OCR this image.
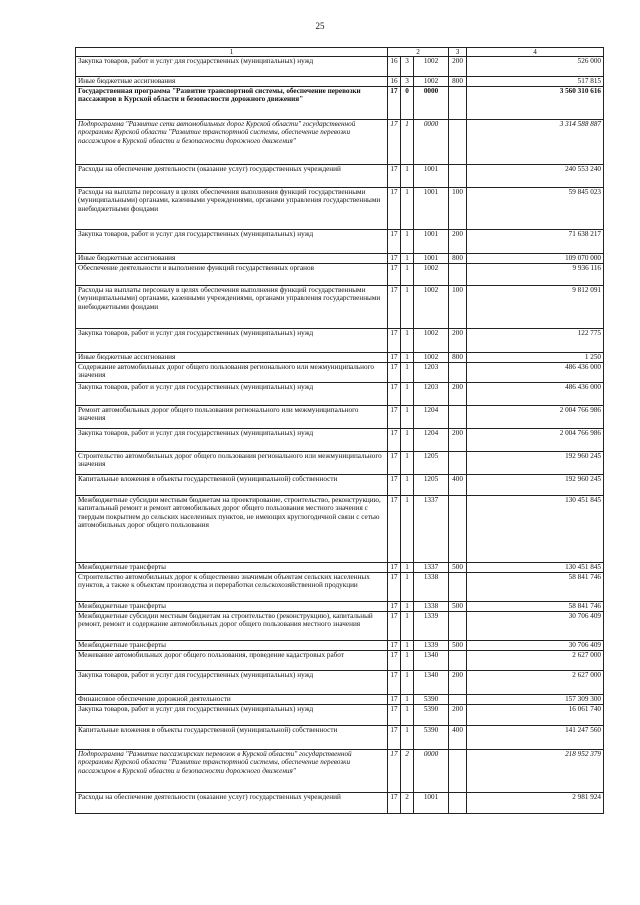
25
1	2			3	4
Закупка товаров, работ и услуг для государственных (муниципальных) нужд	16	3	1002	200	526 000
Иные бюджетные ассигнования	16	3	1002	800	517 815
Государственная программа "Развитие транспортной системы, обеспечение перевозки пассажиров в Курской области и безопасности дорожного движения"	17	0	0000		3 560 310 616
Подпрограмма "Развитие сети автомобильных дорог Курской области" государственной программы Курской области "Развитие транспортной системы, обеспечение перевозки пассажиров в Курской области и безопасности дорожного движения"	17	1	0000		3 314 588 887
Расходы на обеспечение деятельности (оказание услуг) государственных учреждений	17	1	1001		240 553 240
Расходы на выплаты персоналу в целях обеспечения выполнения функций государственными (муниципальными) органами, казенными учреждениями, органами управления государственными внебюджетными фондами	17	1	1001	100	59 845 023
Закупка товаров, работ и услуг для государственных (муниципальных) нужд	17	1	1001	200	71 638 217
Иные бюджетные ассигнования	17	1	1001	800	109 070 000
Обеспечение деятельности и выполнение функций государственных органов	17	1	1002		9 936 116
Расходы на выплаты персоналу в целях обеспечения выполнения функций государственными (муниципальными) органами, казенными учреждениями, органами управления государственными внебюджетными фондами	17	1	1002	100	9 812 091
Закупка товаров, работ и услуг для государственных (муниципальных) нужд	17	1	1002	200	122 775
Иные бюджетные ассигнования	17	1	1002	800	1 250
Содержание автомобильных дорог общего пользования регионального или межмуниципального значения	17	1	1203		486 436 000
Закупка товаров, работ и услуг для государственных (муниципальных) нужд	17	1	1203	200	486 436 000
Ремонт автомобильных дорог общего пользования регионального или межмуниципального значения	17	1	1204		2 004 766 986
Закупка товаров, работ и услуг для государственных (муниципальных) нужд	17	1	1204	200	2 004 766 986
Строительство автомобильных дорог общего пользования регионального или межмуниципального значения	17	1	1205		192 960 245
Капитальные вложения в объекты государственной (муниципальной) собственности	17	1	1205	400	192 960 245
Межбюджетные субсидии местным бюджетам на проектирование, строительство, реконструкцию, капитальный ремонт и ремонт автомобильных дорог общего пользования местного значения с твердым покрытием до сельских населенных пунктов, не имеющих круглогодичной связи с сетью автомобильных дорог общего пользования	17	1	1337		130 451 845
Межбюджетные трансферты	17	1	1337	500	130 451 845
Строительство автомобильных дорог к общественно значимым объектам сельских населенных пунктов, а также к объектам производства и переработки сельскохозяйственной продукции	17	1	1338		58 841 746
Межбюджетные трансферты	17	1	1338	500	58 841 746
Межбюджетные субсидии местным бюджетам на строительство (реконструкцию), капитальный ремонт, ремонт и содержание автомобильных дорог общего пользования местного значения	17	1	1339		30 706 409
Межбюджетные трансферты	17	1	1339	500	30 706 409
Межевание автомобильных дорог общего пользования, проведение кадастровых работ	17	1	1340		2 627 000
Закупка товаров, работ и услуг для государственных (муниципальных) нужд	17	1	1340	200	2 627 000
Финансовое обеспечение дорожной деятельности	17	1	5390		157 309 300
Закупка товаров, работ и услуг для государственных (муниципальных) нужд	17	1	5390	200	16 061 740
Капитальные вложения в объекты государственной (муниципальной) собственности	17	1	5390	400	141 247 560
Подпрограмма "Развитие пассажирских перевозок в Курской области" государственной программы Курской области "Развитие транспортной системы, обеспечение перевозки пассажиров в Курской области и безопасности дорожного движения"	17	2	0000		218 952 379
Расходы на обеспечение деятельности (оказание услуг) государственных учреждений	17	2	1001		2 981 924
